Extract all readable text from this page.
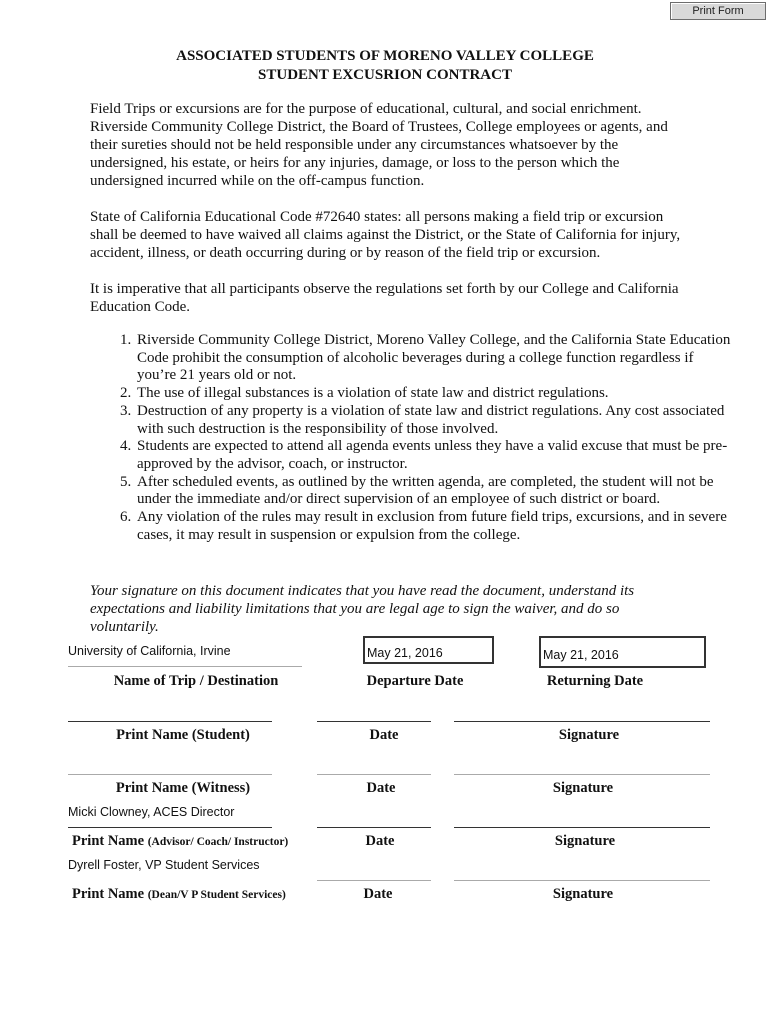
Print Form
ASSOCIATED STUDENTS OF MORENO VALLEY COLLEGE
STUDENT EXCUSRION CONTRACT

Field Trips or excursions are for the purpose of educational, cultural, and social enrichment. Riverside Community College District, the Board of Trustees, College employees or agents, and their sureties should not be held responsible under any circumstances whatsoever by the undersigned, his estate, or heirs for any injuries, damage, or loss to the person which the undersigned incurred while on the off-campus function.

State of California Educational Code #72640 states: all persons making a field trip or excursion shall be deemed to have waived all claims against the District, or the State of California for injury, accident, illness, or death occurring during or by reason of the field trip or excursion.

It is imperative that all participants observe the regulations set forth by our College and California Education Code.

1. Riverside Community College District, Moreno Valley College, and the California State Education Code prohibit the consumption of alcoholic beverages during a college function regardless if you’re 21 years old or not.
2. The use of illegal substances is a violation of state law and district regulations.
3. Destruction of any property is a violation of state law and district regulations. Any cost associated with such destruction is the responsibility of those involved.
4. Students are expected to attend all agenda events unless they have a valid excuse that must be pre-approved by the advisor, coach, or instructor.
5. After scheduled events, as outlined by the written agenda, are completed, the student will not be under the immediate and/or direct supervision of an employee of such district or board.
6. Any violation of the rules may result in exclusion from future field trips, excursions, and in severe cases, it may result in suspension or expulsion from the college.

Your signature on this document indicates that you have read the document, understand its expectations and liability limitations that you are legal age to sign the waiver, and do so voluntarily.

University of California, Irvine	May 21, 2016	May 21, 2016
Name of Trip / Destination	Departure Date	Returning Date
Print Name (Student)	Date	Signature
Print Name (Witness)	Date	Signature
Micki Clowney, ACES Director
Print Name (Advisor/ Coach/ Instructor)	Date	Signature
Dyrell Foster, VP Student Services
Print Name (Dean/V P Student Services)	Date	Signature
